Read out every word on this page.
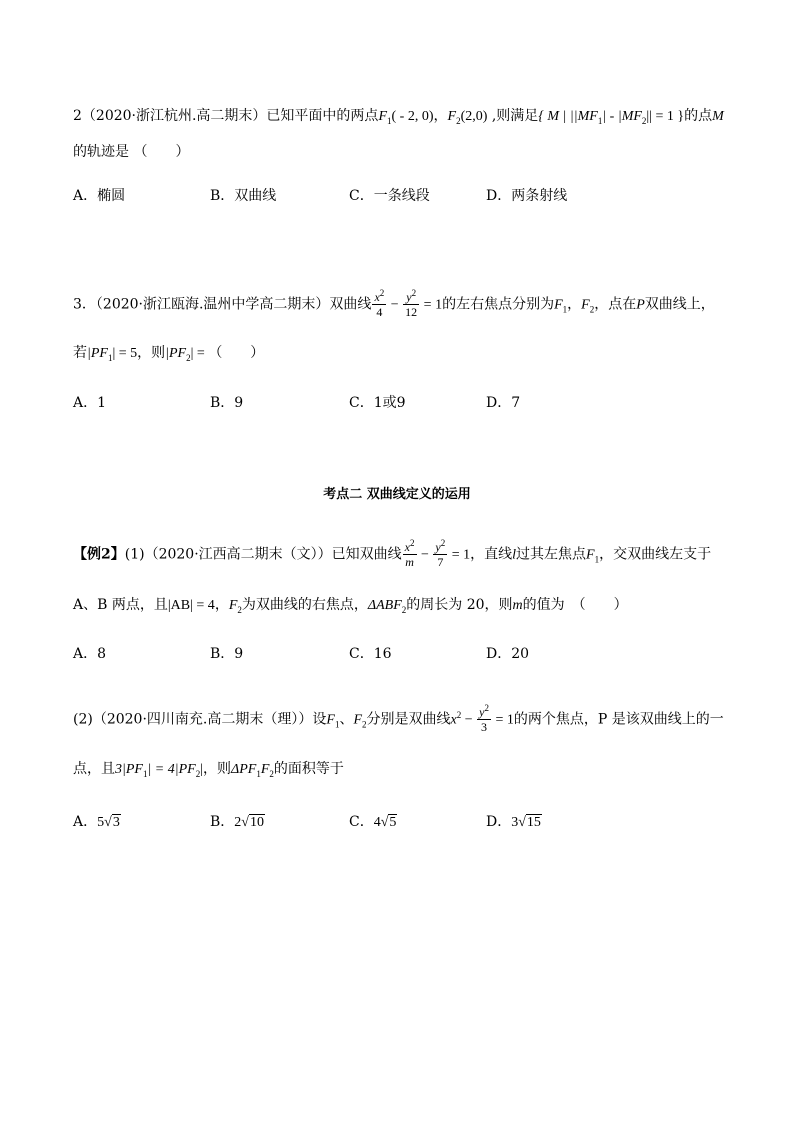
2（2020·浙江杭州.高二期末）已知平面中的两点$F_1( - 2$, 0)，$F_2(2,0)$ ,则满足{ M | $||MF_1| - |MF_2|| = 1$ }的点M
的轨迹是 （　　）
A．椭圆	B．双曲线	C．一条线段	D．两条射线
3．（2020·浙江瓯海.温州中学高二期末）双曲线 $\frac{x^2}{4} - \frac{y^2}{12} = 1$的左右焦点分别为$F_1$，$F_2$，点在P双曲线上，
若$|PF_1| = 5$，则$|PF_2|$ = （　　）
A．1	B．9	C．1或9	D．7
考点二 双曲线定义的运用
【例2】(1)（2020·江西高二期末（文））已知双曲线 $\frac{x^2}{m} - \frac{y^2}{7} = 1$，直线l过其左焦点$F_1$，交双曲线左支于
A、B 两点，且|AB| = 4，$F_2$为双曲线的右焦点，$\Delta ABF_2$的周长为 20，则m的值为　（　　）
A．8	B．9	C．16	D．20
(2)（2020·四川南充.高二期末（理））设$F_1$、$F_2$分别是双曲线$x^2 - \frac{y^2}{3} = 1$的两个焦点，P 是该双曲线上的一
点，且$3|PF_1| = 4|PF_2|$，则$\Delta PF_1F_2$的面积等于
A．5√3	B．2√10	C．4√5	D．3√15
